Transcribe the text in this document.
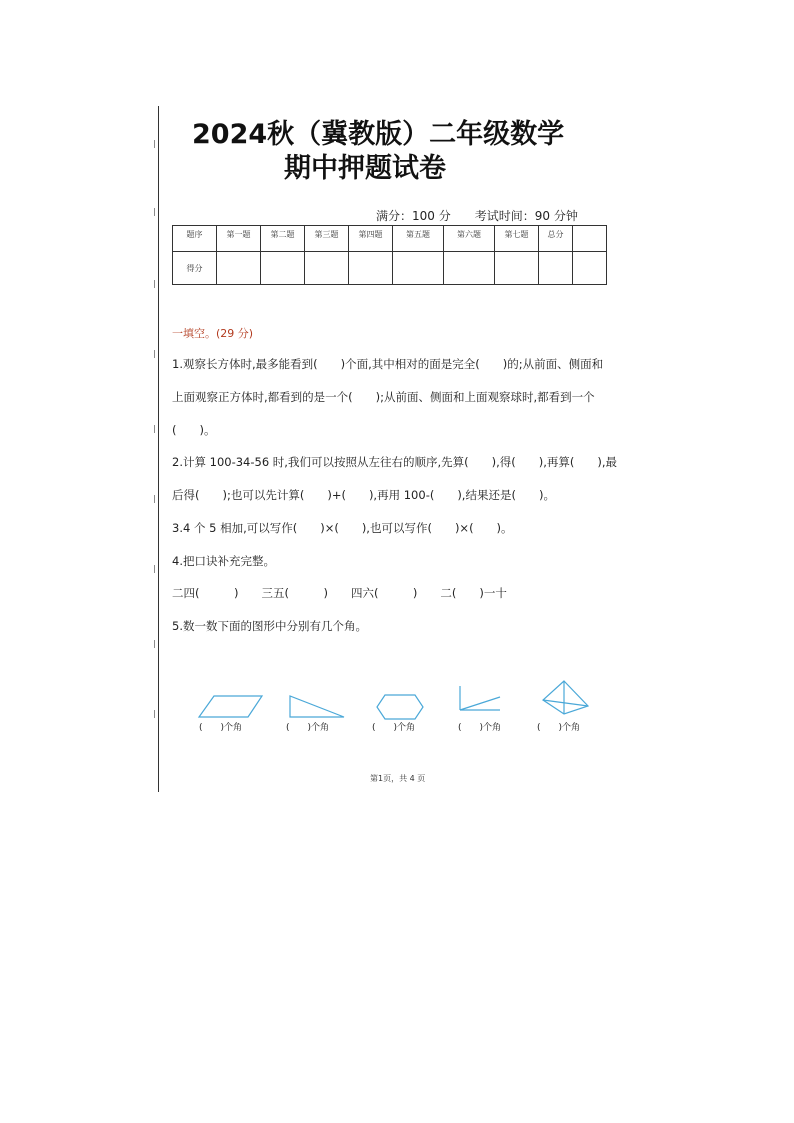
|
|
|
|
|
|
|
|
|
2024秋（冀教版）二年级数学
期中押题试卷
满分：100 分 考试时间：90 分钟
题序	第一题	第二题	第三题	第四题	第五题	第六题	第七题	总分	
得分									
一填空。(29 分)
1.观察长方体时,最多能看到(　　)个面,其中相对的面是完全(　　)的;从前面、侧面和
上面观察正方体时,都看到的是一个(　　);从前面、侧面和上面观察球时,都看到一个
(　　)。
2.计算 100-34-56 时,我们可以按照从左往右的顺序,先算(　　),得(　　),再算(　　),最
后得(　　);也可以先计算(　　)+(　　),再用 100-(　　),结果还是(　　)。
3.4 个 5 相加,可以写作(　　)×(　　),也可以写作(　　)×(　　)。
4.把口诀补充完整。
二四(　　　)　　三五(　　　)　　四六(　　　)　　二(　　)一十
5.数一数下面的图形中分别有几个角。
(　　)个角	(　　)个角	(　　)个角	(　　)个角	(　　)个角
第1页，共 4 页
